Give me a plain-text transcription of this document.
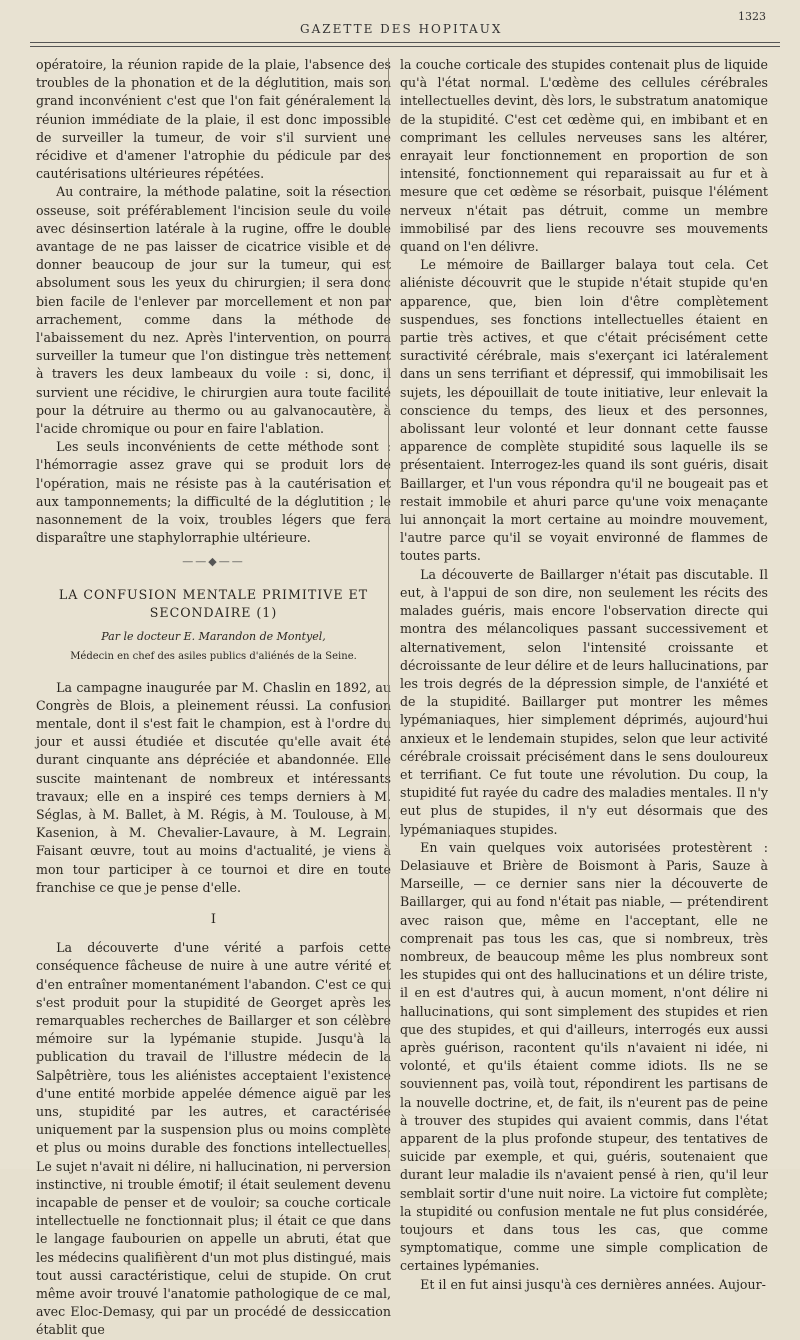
GAZETTE DES HOPITAUX
1323

opératoire, la réunion rapide de la plaie, l'absence des troubles de la phonation et de la déglutition, mais son grand inconvénient c'est que l'on fait généralement la réunion immédiate de la plaie, il est donc impossible de surveiller la tumeur, de voir s'il survient une récidive et d'amener l'atrophie du pédicule par des cautérisations ultérieures répétées.

Au contraire, la méthode palatine, soit la résection osseuse, soit préférablement l'incision seule du voile avec désinsertion latérale à la rugine, offre le double avantage de ne pas laisser de cicatrice visible et de donner beaucoup de jour sur la tumeur, qui est absolument sous les yeux du chirurgien; il sera donc bien facile de l'enlever par morcellement et non par arrachement, comme dans la méthode de l'abaissement du nez. Après l'intervention, on pourra surveiller la tumeur que l'on distingue très nettement à travers les deux lambeaux du voile : si, donc, il survient une récidive, le chirurgien aura toute facilité pour la détruire au thermo ou au galvanocautère, à l'acide chromique ou pour en faire l'ablation.

Les seuls inconvénients de cette méthode sont : l'hémorragie assez grave qui se produit lors de l'opération, mais ne résiste pas à la cautérisation et aux tamponnements; la difficulté de la déglutition ; le nasonnement de la voix, troubles légers que fera disparaître une staphylorraphie ultérieure.

——◆——
LA CONFUSION MENTALE PRIMITIVE ET SECONDAIRE (1)
Par le docteur E. Marandon de Montyel,
Médecin en chef des asiles publics d'aliénés de la Seine.

La campagne inaugurée par M. Chaslin en 1892, au Congrès de Blois, a pleinement réussi. La confusion mentale, dont il s'est fait le champion, est à l'ordre du jour et aussi étudiée et discutée qu'elle avait été durant cinquante ans dépréciée et abandonnée. Elle suscite maintenant de nombreux et intéressants travaux; elle en a inspiré ces temps derniers à M. Séglas, à M. Ballet, à M. Régis, à M. Toulouse, à M. Kasenion, à M. Chevalier-Lavaure, à M. Legrain. Faisant œuvre, tout au moins d'actualité, je viens à mon tour participer à ce tournoi et dire en toute franchise ce que je pense d'elle.

I

La découverte d'une vérité a parfois cette conséquence fâcheuse de nuire à une autre vérité et d'en entraîner momentanément l'abandon. C'est ce qui s'est produit pour la stupidité de Georget après les remarquables recherches de Baillarger et son célèbre mémoire sur la lypémanie stupide. Jusqu'à la publication du travail de l'illustre médecin de la Salpêtrière, tous les aliénistes acceptaient l'existence d'une entité morbide appelée démence aiguë par les uns, stupidité par les autres, et caractérisée uniquement par la suspension plus ou moins complète et plus ou moins durable des fonctions intellectuelles. Le sujet n'avait ni délire, ni hallucination, ni perversion instinctive, ni trouble émotif; il était seulement devenu incapable de penser et de vouloir; sa couche corticale intellectuelle ne fonctionnait plus; il était ce que dans le langage faubourien on appelle un abruti, état que les médecins qualifièrent d'un mot plus distingué, mais tout aussi caractéristique, celui de stupide. On crut même avoir trouvé l'anatomie pathologique de ce mal, avec Eloc-Demasy, qui par un procédé de dessiccation établit que

la couche corticale des stupides contenait plus de liquide qu'à l'état normal. L'œdème des cellules cérébrales intellectuelles devint, dès lors, le substratum anatomique de la stupidité. C'est cet œdème qui, en imbibant et en comprimant les cellules nerveuses sans les altérer, enrayait leur fonctionnement en proportion de son intensité, fonctionnement qui reparaissait au fur et à mesure que cet œdème se résorbait, puisque l'élément nerveux n'était pas détruit, comme un membre immobilisé par des liens recouvre ses mouvements quand on l'en délivre.

Le mémoire de Baillarger balaya tout cela. Cet aliéniste découvrit que le stupide n'était stupide qu'en apparence, que, bien loin d'être complètement suspendues, ses fonctions intellectuelles étaient en partie très actives, et que c'était précisément cette suractivité cérébrale, mais s'exerçant ici latéralement dans un sens terrifiant et dépressif, qui immobilisait les sujets, les dépouillait de toute initiative, leur enlevait la conscience du temps, des lieux et des personnes, abolissant leur volonté et leur donnant cette fausse apparence de complète stupidité sous laquelle ils se présentaient. Interrogez-les quand ils sont guéris, disait Baillarger, et l'un vous répondra qu'il ne bougeait pas et restait immobile et ahuri parce qu'une voix menaçante lui annonçait la mort certaine au moindre mouvement, l'autre parce qu'il se voyait environné de flammes de toutes parts.

La découverte de Baillarger n'était pas discutable. Il eut, à l'appui de son dire, non seulement les récits des malades guéris, mais encore l'observation directe qui montra des mélancoliques passant successivement et alternativement, selon l'intensité croissante et décroissante de leur délire et de leurs hallucinations, par les trois degrés de la dépression simple, de l'anxiété et de la stupidité. Baillarger put montrer les mêmes lypémaniaques, hier simplement déprimés, aujourd'hui anxieux et le lendemain stupides, selon que leur activité cérébrale croissait précisément dans le sens douloureux et terrifiant. Ce fut toute une révolution. Du coup, la stupidité fut rayée du cadre des maladies mentales. Il n'y eut plus de stupides, il n'y eut désormais que des lypémaniaques stupides.

En vain quelques voix autorisées protestèrent : Delasiauve et Brière de Boismont à Paris, Sauze à Marseille, — ce dernier sans nier la découverte de Baillarger, qui au fond n'était pas niable, — prétendirent avec raison que, même en l'acceptant, elle ne comprenait pas tous les cas, que si nombreux, très nombreux, de beaucoup même les plus nombreux sont les stupides qui ont des hallucinations et un délire triste, il en est d'autres qui, à aucun moment, n'ont délire ni hallucinations, qui sont simplement des stupides et rien que des stupides, et qui d'ailleurs, interrogés eux aussi après guérison, racontent qu'ils n'avaient ni idée, ni volonté, et qu'ils étaient comme idiots. Ils ne se souviennent pas, voilà tout, répondirent les partisans de la nouvelle doctrine, et, de fait, ils n'eurent pas de peine à trouver des stupides qui avaient commis, dans l'état apparent de la plus profonde stupeur, des tentatives de suicide par exemple, et qui, guéris, soutenaient que durant leur maladie ils n'avaient pensé à rien, qu'il leur semblait sortir d'une nuit noire. La victoire fut complète; la stupidité ou confusion mentale ne fut plus considérée, toujours et dans tous les cas, que comme symptomatique, comme une simple complication de certaines lypémanies.

Et il en fut ainsi jusqu'à ces dernières années. Aujour-
